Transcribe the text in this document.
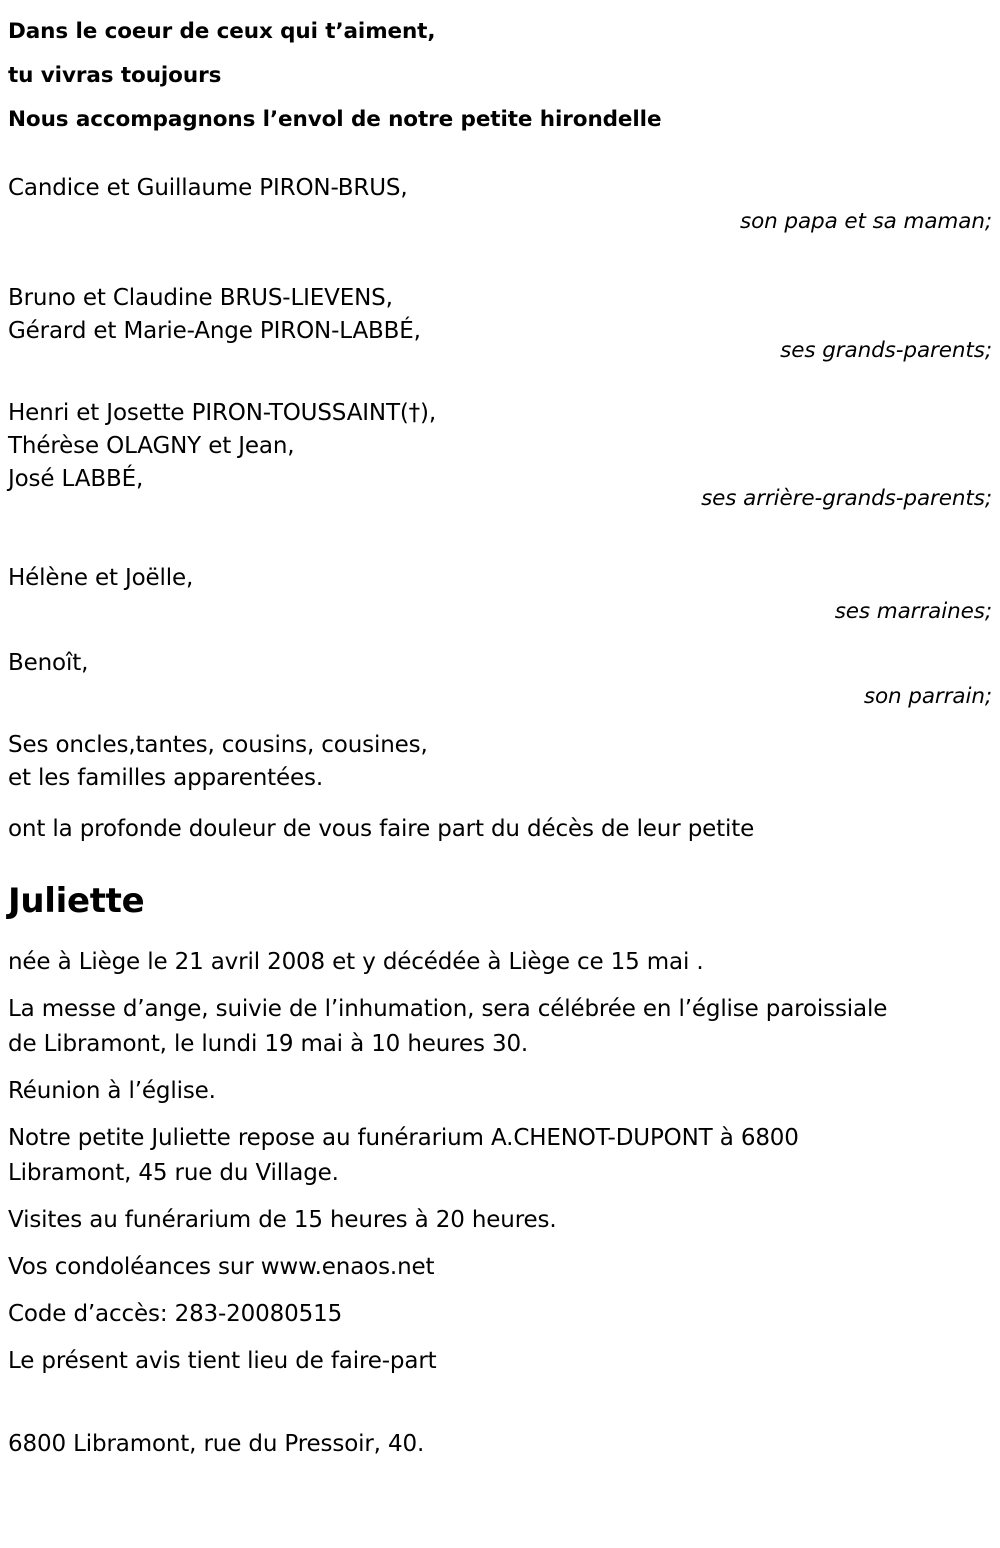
Dans le coeur de ceux qui t’aiment,
tu vivras toujours
Nous accompagnons l’envol de notre petite hirondelle
Candice et Guillaume PIRON-BRUS,
son papa et sa maman;
Bruno et Claudine BRUS-LIEVENS,
Gérard et Marie-Ange PIRON-LABBÉ,
ses grands-parents;
Henri et Josette PIRON-TOUSSAINT(†),
Thérèse OLAGNY et Jean,
José LABBÉ,
ses arrière-grands-parents;
Hélène et Joëlle,
ses marraines;
Benoît,
son parrain;
Ses oncles,tantes, cousins, cousines,
et les familles apparentées.
ont la profonde douleur de vous faire part du décès de leur petite
Juliette
née à Liège le 21 avril 2008 et y décédée à Liège ce 15 mai .
La messe d’ange, suivie de l’inhumation, sera célébrée en l’église paroissiale de Libramont, le lundi 19 mai à 10 heures 30.
Réunion à l’église.
Notre petite Juliette repose au funérarium A.CHENOT-DUPONT à 6800 Libramont, 45 rue du Village.
Visites au funérarium de 15 heures à 20 heures.
Vos condoléances sur www.enaos.net
Code d’accès: 283-20080515
Le présent avis tient lieu de faire-part
6800 Libramont, rue du Pressoir, 40.
